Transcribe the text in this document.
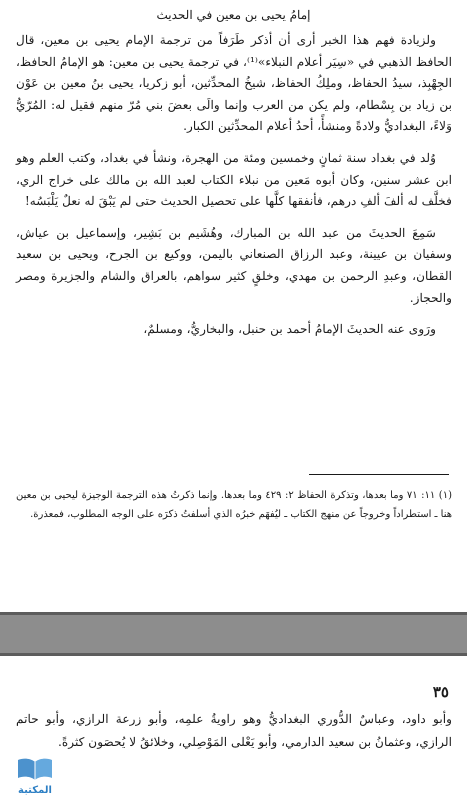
إمامُ يحيى بن معين في الحديث

ولزيادة فهم هذا الخبر أرى أن أذكر طَرَفاً من ترجمة الإمام يحيى بن معين، قال الحافظ الذهبي في «سِيَر أعلام النبلاء»⁽¹⁾، في ترجمة يحيى بن معين: هو الإمامُ الحافظ، الجِهْبِذ، سيدُ الحفاظ، وملِكُ الحفاظ، شيخُ المحدِّثين، أبو زكريا، يحيى بنُ معين بن عَوْن بن زياد بن بِسْطام، ولم يكن من العرب وإنما والَى بعضَ بني مُرّ منهم فقيل له: المُرّيُّ وَلاءً، البغداديُّ ولادةً ومنشأً، أحدُ أعلام المحدِّثين الكبار.

وُلد في بغداد سنة ثمانٍ وخمسين ومئة من الهجرة، ونشأ في بغداد، وكتب العلم وهو ابن عشر سنين، وكان أبوه مَعين من نبلاء الكتاب لعبد الله بن مالك على خراج الري، فخلَّف له ألفَ ألفِ درهم، فأنفقها كلَّها على تحصيل الحديث حتى لم يَبْقَ له نعلٌ يَلْبَسُه!

سَمِعَ الحديثَ من عبد الله بن المبارك، وهُشَيم بن بَشِير، وإسماعيل بن عياش، وسفيان بن عيينة، وعبد الرزاق الصنعاني باليمن، ووكيع بن الجرح، ويحيى بن سعيد القطان، وعبدِ الرحمن بن مهدي، وخلقٍ كثير سواهم، بالعراق والشام والجزيرة ومصر والحجاز.

ورَوى عنه الحديثَ الإمامُ أحمد بن حنبل، والبخاريُّ، ومسلمٌ،

(١) ١١: ٧١ وما بعدها، وتذكرة الحفاظ ٢: ٤٢٩ وما بعدها. وإنما ذكرتُ هذه الترجمة الوجيزة ليحيى بن معين هنا ـ استطراداً وخروجاً عن منهج الكتاب ـ ليُفهَم خبرُه الذي أسلفتُ ذكرَه على الوجه المطلوب، فمعذرة.

٣٥

وأبو داود، وعباسٌ الدُّوري البغداديُّ وهو راويةُ علمِه، وأبو زرعة الرازي، وأبو حاتم الرازي، وعثمانُ بن سعيد الدارمي، وأبو يَعْلى المَوْصِلي، وخلائقُ لا يُحصَون كثرةً.

المكتبة
